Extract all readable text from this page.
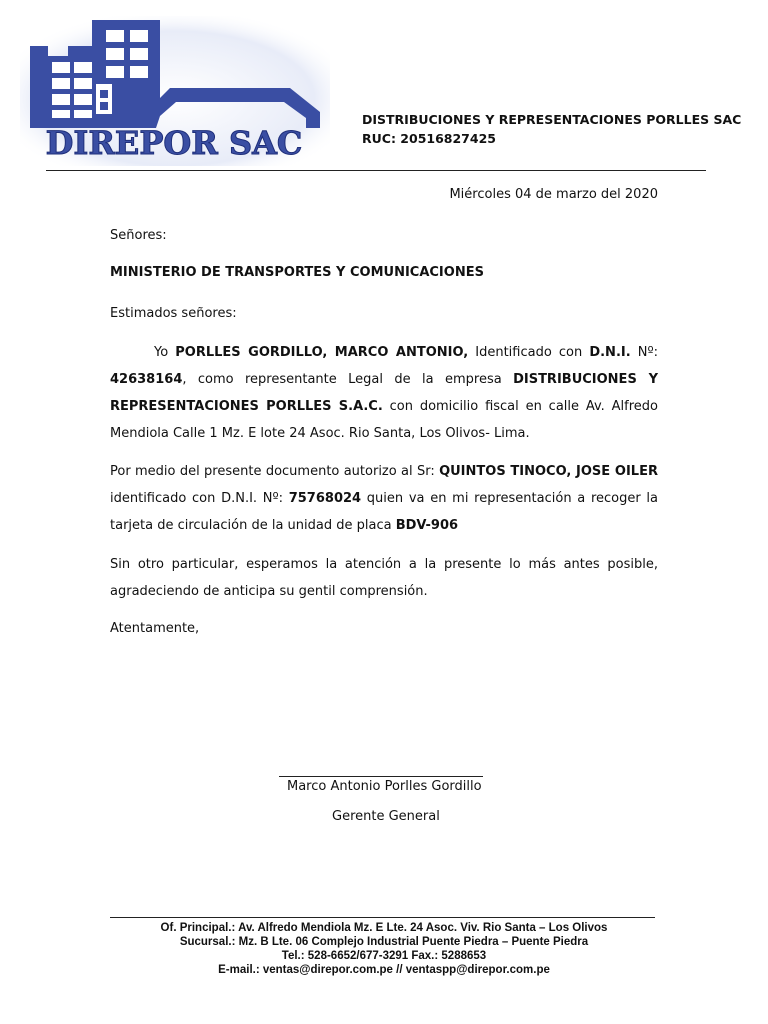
DIREPOR SAC
DISTRIBUCIONES Y REPRESENTACIONES PORLLES SAC
RUC: 20516827425
Miércoles 04 de marzo del 2020

Señores:

MINISTERIO DE TRANSPORTES Y COMUNICACIONES

Estimados señores:

Yo PORLLES GORDILLO, MARCO ANTONIO, Identificado con D.N.I. Nº: 42638164, como representante Legal de la empresa DISTRIBUCIONES Y REPRESENTACIONES PORLLES S.A.C. con domicilio fiscal en calle Av. Alfredo Mendiola Calle 1 Mz. E lote 24 Asoc. Rio Santa, Los Olivos- Lima.

Por medio del presente documento autorizo al Sr: QUINTOS TINOCO, JOSE OILER identificado con D.N.I. Nº: 75768024 quien va en mi representación a recoger la tarjeta de circulación de la unidad de placa BDV-906

Sin otro particular, esperamos la atención a la presente lo más antes posible, agradeciendo de anticipa su gentil comprensión.

Atentamente,

Marco Antonio Porlles Gordillo
Gerente General
Of. Principal.: Av. Alfredo Mendiola Mz. E Lte. 24 Asoc. Viv. Rio Santa – Los Olivos
Sucursal.: Mz. B Lte. 06 Complejo Industrial Puente Piedra – Puente Piedra
Tel.: 528-6652/677-3291 Fax.: 5288653
E-mail.: ventas@direpor.com.pe // ventaspp@direpor.com.pe
